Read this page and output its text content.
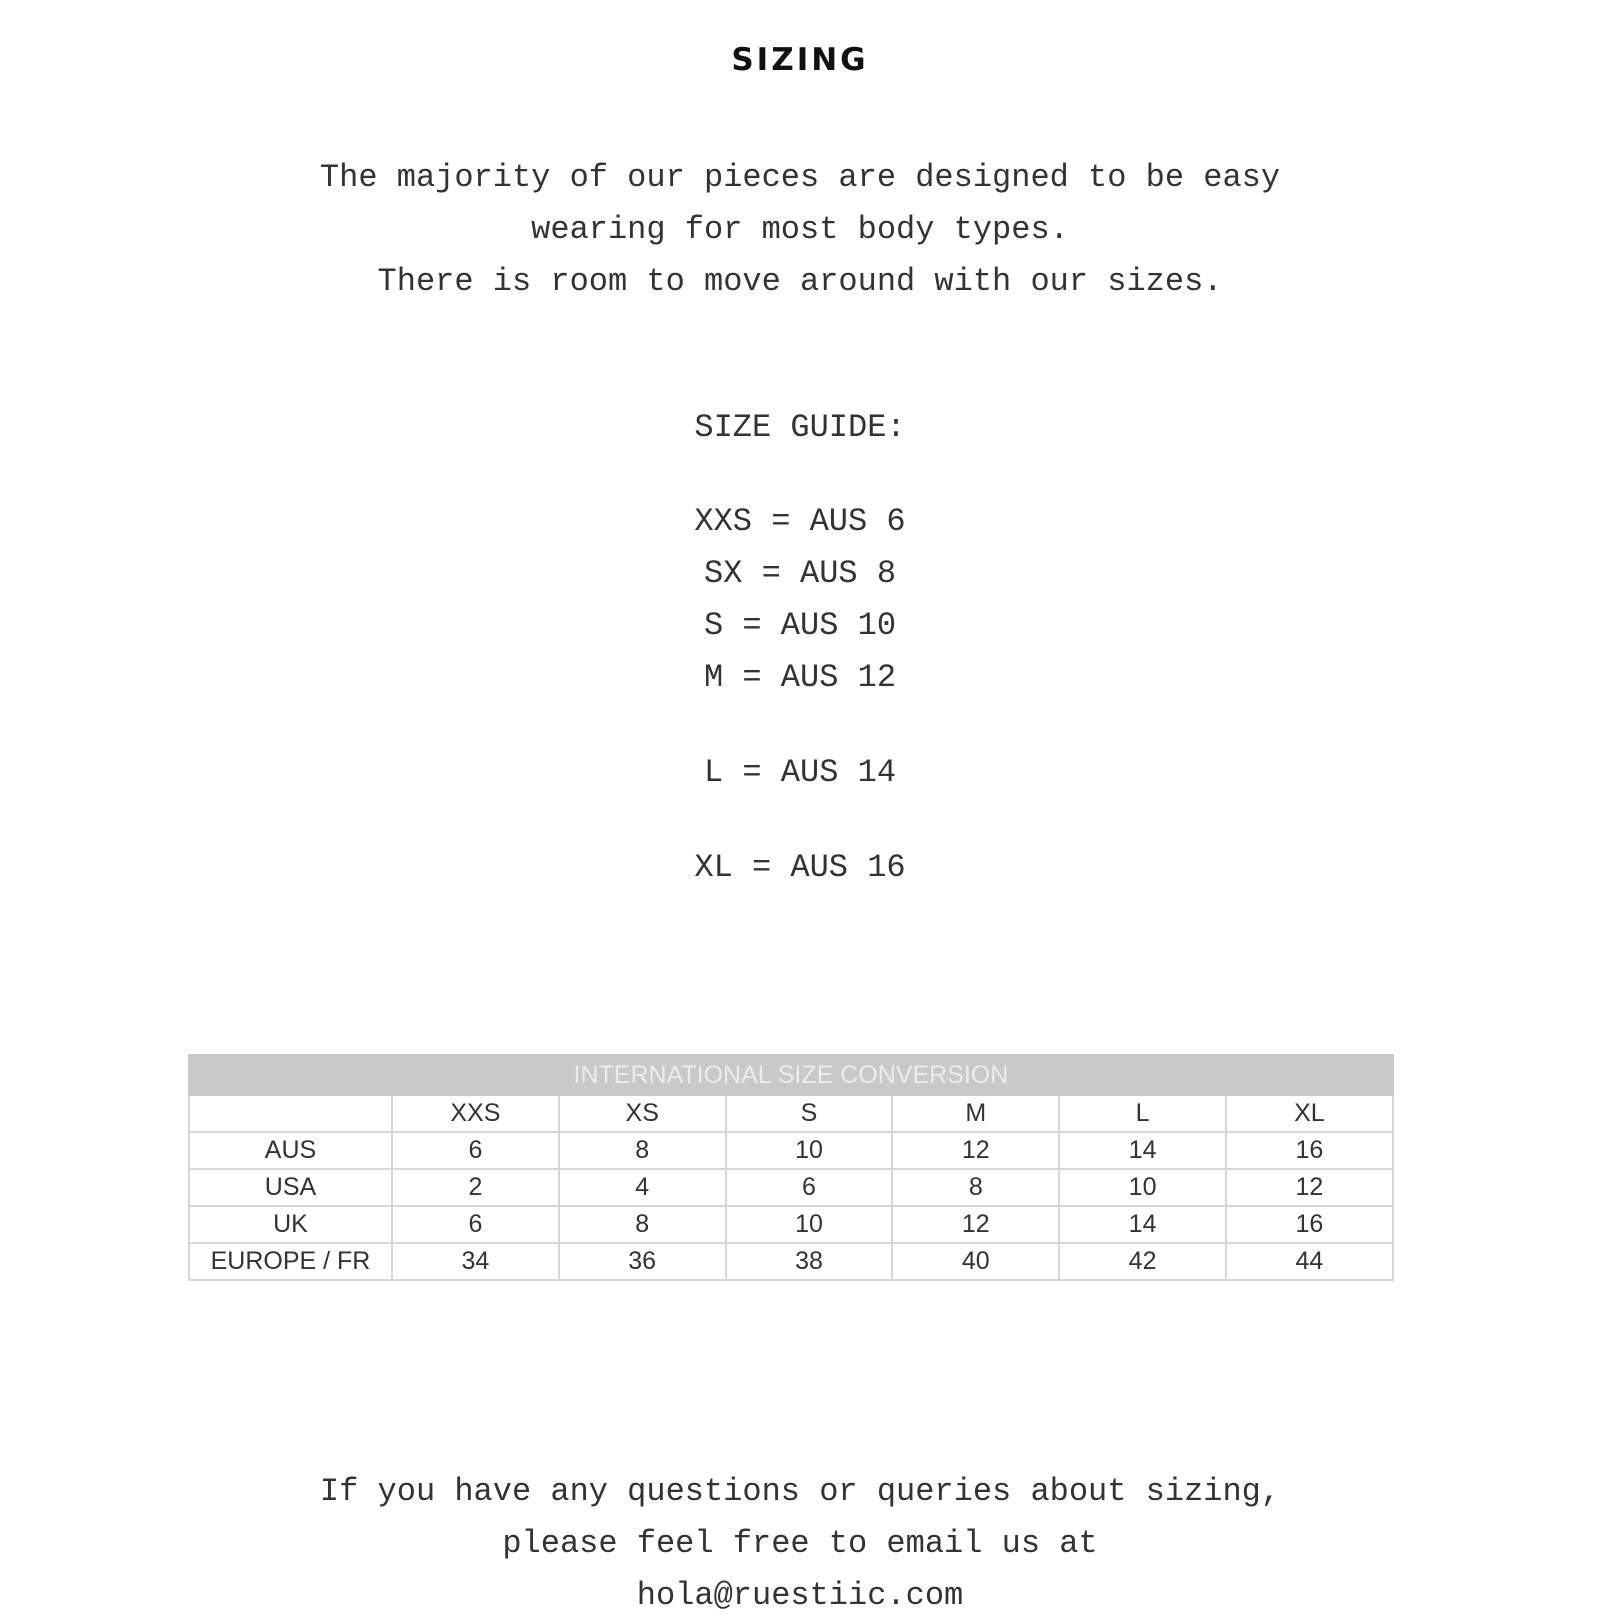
SIZING
The majority of our pieces are designed to be easy
wearing for most body types.
There is room to move around with our sizes.
SIZE GUIDE:
XXS = AUS 6
SX = AUS 8
S = AUS 10
M = AUS 12
L = AUS 14
XL = AUS 16
INTERNATIONAL SIZE CONVERSION						
	XXS	XS	S	M	L	XL
AUS	6	8	10	12	14	16
USA	2	4	6	8	10	12
UK	6	8	10	12	14	16
EUROPE / FR	34	36	38	40	42	44
If you have any questions or queries about sizing,
please feel free to email us at
hola@ruestiic.com
